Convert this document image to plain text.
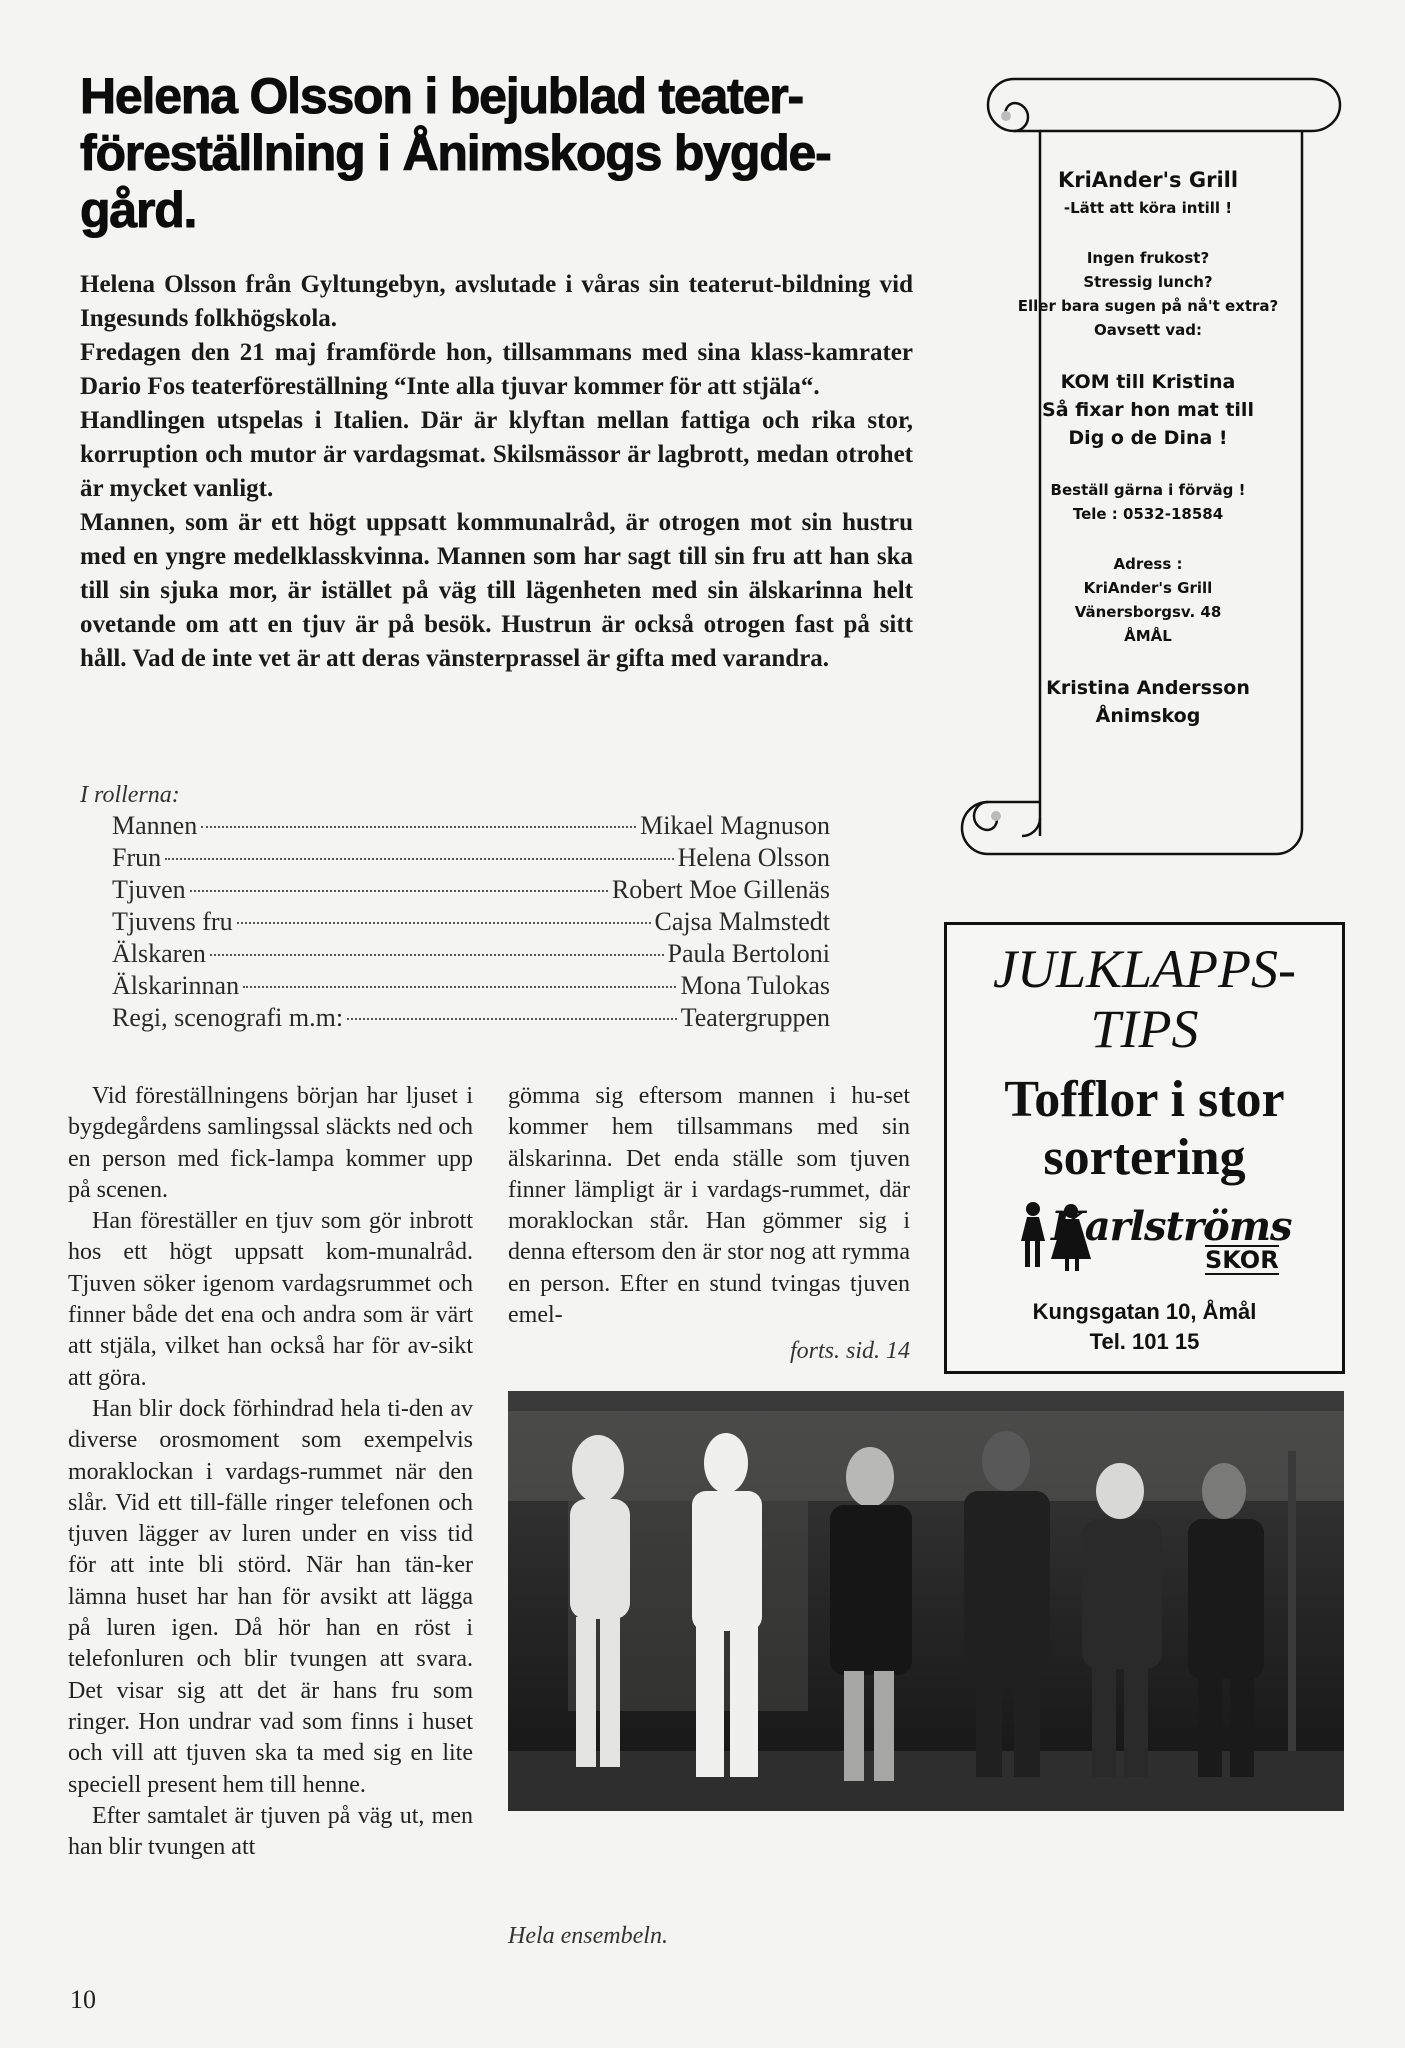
Helena Olsson i bejublad teater-föreställning i Ånimskogs bygde-gård.

Helena Olsson från Gyltungebyn, avslutade i våras sin teaterut-bildning vid Ingesunds folkhögskola.

Fredagen den 21 maj framförde hon, tillsammans med sina klass-kamrater Dario Fos teaterföreställning “Inte alla tjuvar kommer för att stjäla“.

Handlingen utspelas i Italien. Där är klyftan mellan fattiga och rika stor, korruption och mutor är vardagsmat. Skilsmässor är lagbrott, medan otrohet är mycket vanligt.

Mannen, som är ett högt uppsatt kommunalråd, är otrogen mot sin hustru med en yngre medelklasskvinna. Mannen som har sagt till sin fru att han ska till sin sjuka mor, är istället på väg till lägenheten med sin älskarinna helt ovetande om att en tjuv är på besök. Hustrun är också otrogen fast på sitt håll. Vad de inte vet är att deras vänsterprassel är gifta med varandra.

I rollerna:
Mannen	Mikael Magnuson
Frun	Helena Olsson
Tjuven	Robert Moe Gillenäs
Tjuvens fru	Cajsa Malmstedt
Älskaren	Paula Bertoloni
Älskarinnan	Mona Tulokas
Regi, scenografi m.m:	Teatergruppen

Vid föreställningens början har ljuset i bygdegårdens samlingssal släckts ned och en person med fick-lampa kommer upp på scenen.

Han föreställer en tjuv som gör inbrott hos ett högt uppsatt kom-munalråd. Tjuven söker igenom vardagsrummet och finner både det ena och andra som är värt att stjäla, vilket han också har för av-sikt att göra.

Han blir dock förhindrad hela ti-den av diverse orosmoment som exempelvis moraklockan i vardags-rummet när den slår. Vid ett till-fälle ringer telefonen och tjuven lägger av luren under en viss tid för att inte bli störd. När han tän-ker lämna huset har han för avsikt att lägga på luren igen. Då hör han en röst i telefonluren och blir tvungen att svara. Det visar sig att det är hans fru som ringer. Hon undrar vad som finns i huset och vill att tjuven ska ta med sig en lite speciell present hem till henne.

Efter samtalet är tjuven på väg ut, men han blir tvungen att

gömma sig eftersom mannen i hu-set kommer hem tillsammans med sin älskarinna. Det enda ställe som tjuven finner lämpligt är i vardags-rummet, där moraklockan står. Han gömmer sig i denna eftersom den är stor nog att rymma en person. Efter en stund tvingas tjuven emel-

forts. sid. 14
Hela ensembeln.
10
KriAnder's Grill
-Lätt att köra intill !
Ingen frukost?
Stressig lunch?
Eller bara sugen på nå't extra?
Oavsett vad:
KOM till Kristina
Så fixar hon mat till
Dig o de Dina !
Beställ gärna i förväg !
Tele : 0532-18584
Adress :
KriAnder's Grill
Vänersborgsv. 48
ÅMÅL
Kristina Andersson
Ånimskog
JULKLAPPS-
TIPS
Tofflor i stor
sortering
Karlströms
SKOR
Kungsgatan 10, Åmål
Tel. 101 15
